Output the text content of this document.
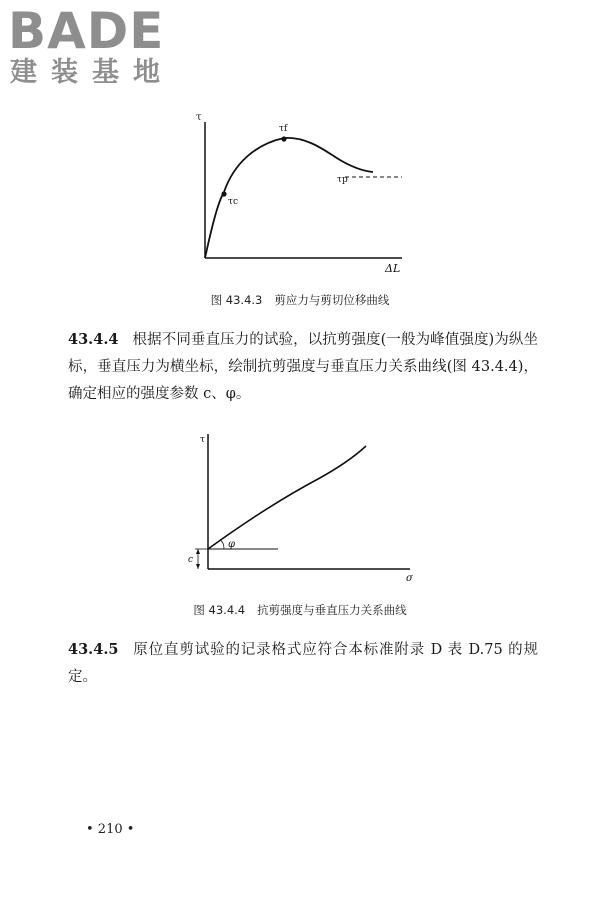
BADE
建装基地
τ
ΔL
τc
τf
τp
图 43.4.3 剪应力与剪切位移曲线
43.4.4 根据不同垂直压力的试验，以抗剪强度(一般为峰值强度)为纵坐标，垂直压力为横坐标，绘制抗剪强度与垂直压力关系曲线(图 43.4.4)，确定相应的强度参数 c、φ。
τ
σ
φ
c
图 43.4.4 抗剪强度与垂直压力关系曲线
43.4.5 原位直剪试验的记录格式应符合本标准附录 D 表 D.75 的规定。
• 210 •
